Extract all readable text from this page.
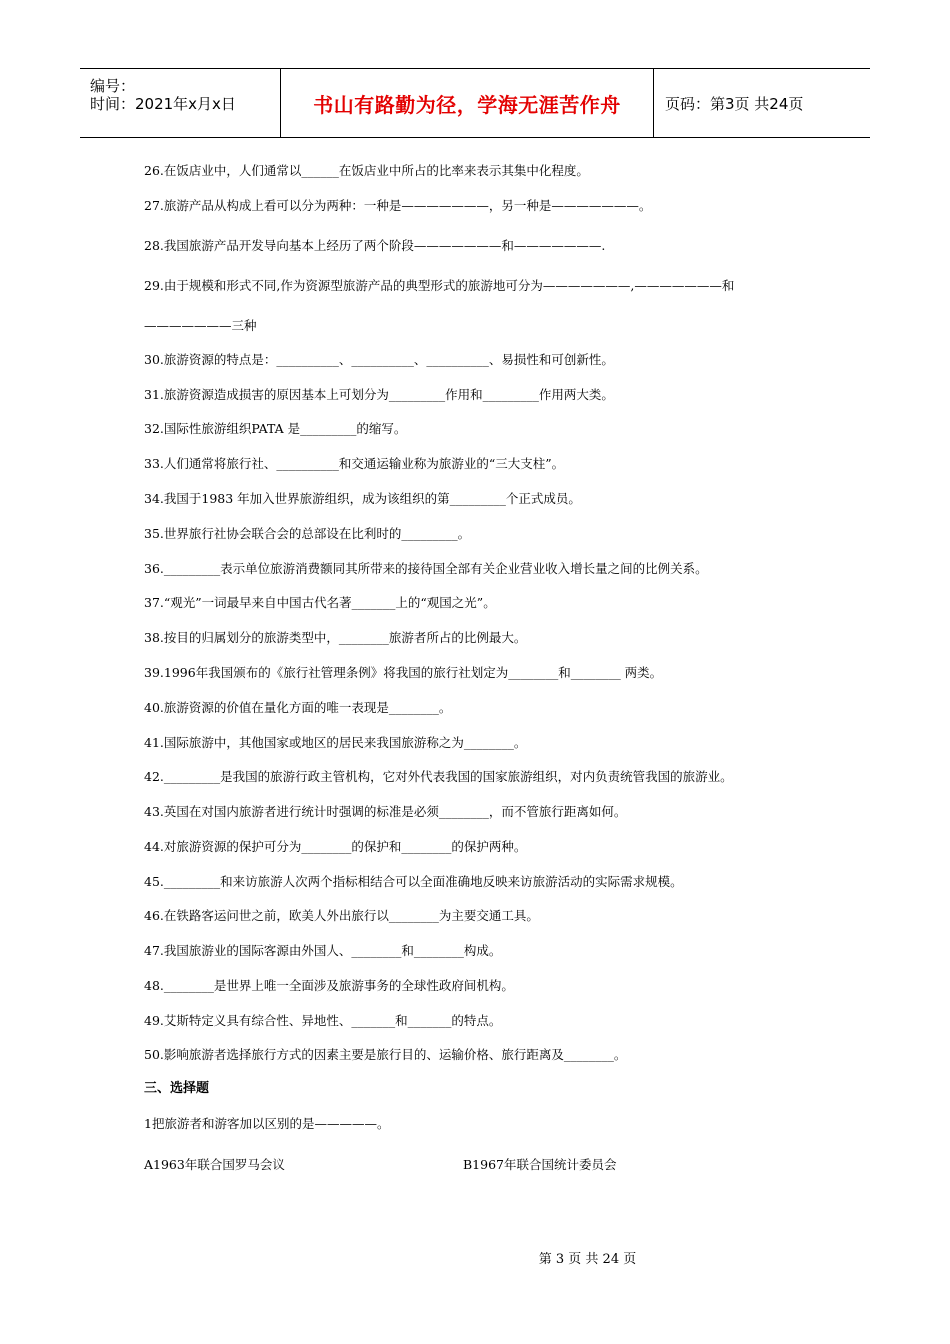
编号：
时间：2021年x月x日	书山有路勤为径，学海无涯苦作舟	页码：第3页 共24页
26.在饭店业中，人们通常以______在饭店业中所占的比率来表示其集中化程度。
27.旅游产品从构成上看可以分为两种：一种是———————，另一种是———————。
28.我国旅游产品开发导向基本上经历了两个阶段———————和———————.
29.由于规模和形式不同,作为资源型旅游产品的典型形式的旅游地可分为———————,———————和
———————三种
30.旅游资源的特点是：__________、__________、__________、易损性和可创新性。
31.旅游资源造成损害的原因基本上可划分为_________作用和_________作用两大类。
32.国际性旅游组织PATA 是_________的缩写。
33.人们通常将旅行社、__________和交通运输业称为旅游业的“三大支柱”。
34.我国于1983 年加入世界旅游组织，成为该组织的第_________个正式成员。
35.世界旅行社协会联合会的总部设在比利时的_________。
36._________表示单位旅游消费额同其所带来的接待国全部有关企业营业收入增长量之间的比例关系。
37.“观光”一词最早来自中国古代名著_______上的“观国之光”。
38.按目的归属划分的旅游类型中，________旅游者所占的比例最大。
39.1996年我国颁布的《旅行社管理条例》将我国的旅行社划定为________和________ 两类。
40.旅游资源的价值在量化方面的唯一表现是________。
41.国际旅游中，其他国家或地区的居民来我国旅游称之为________。
42._________是我国的旅游行政主管机构，它对外代表我国的国家旅游组织，对内负责统管我国的旅游业。
43.英国在对国内旅游者进行统计时强调的标准是必须________，而不管旅行距离如何。
44.对旅游资源的保护可分为________的保护和________的保护两种。
45._________和来访旅游人次两个指标相结合可以全面准确地反映来访旅游活动的实际需求规模。
46.在铁路客运问世之前，欧美人外出旅行以________为主要交通工具。
47.我国旅游业的国际客源由外国人、________和________构成。
48.________是世界上唯一全面涉及旅游事务的全球性政府间机构。
49.艾斯特定义具有综合性、异地性、_______和_______的特点。
50.影响旅游者选择旅行方式的因素主要是旅行目的、运输价格、旅行距离及________。
三、选择题
1把旅游者和游客加以区别的是—————。
A1963年联合国罗马会议	B1967年联合国统计委员会
第 3 页 共 24 页
